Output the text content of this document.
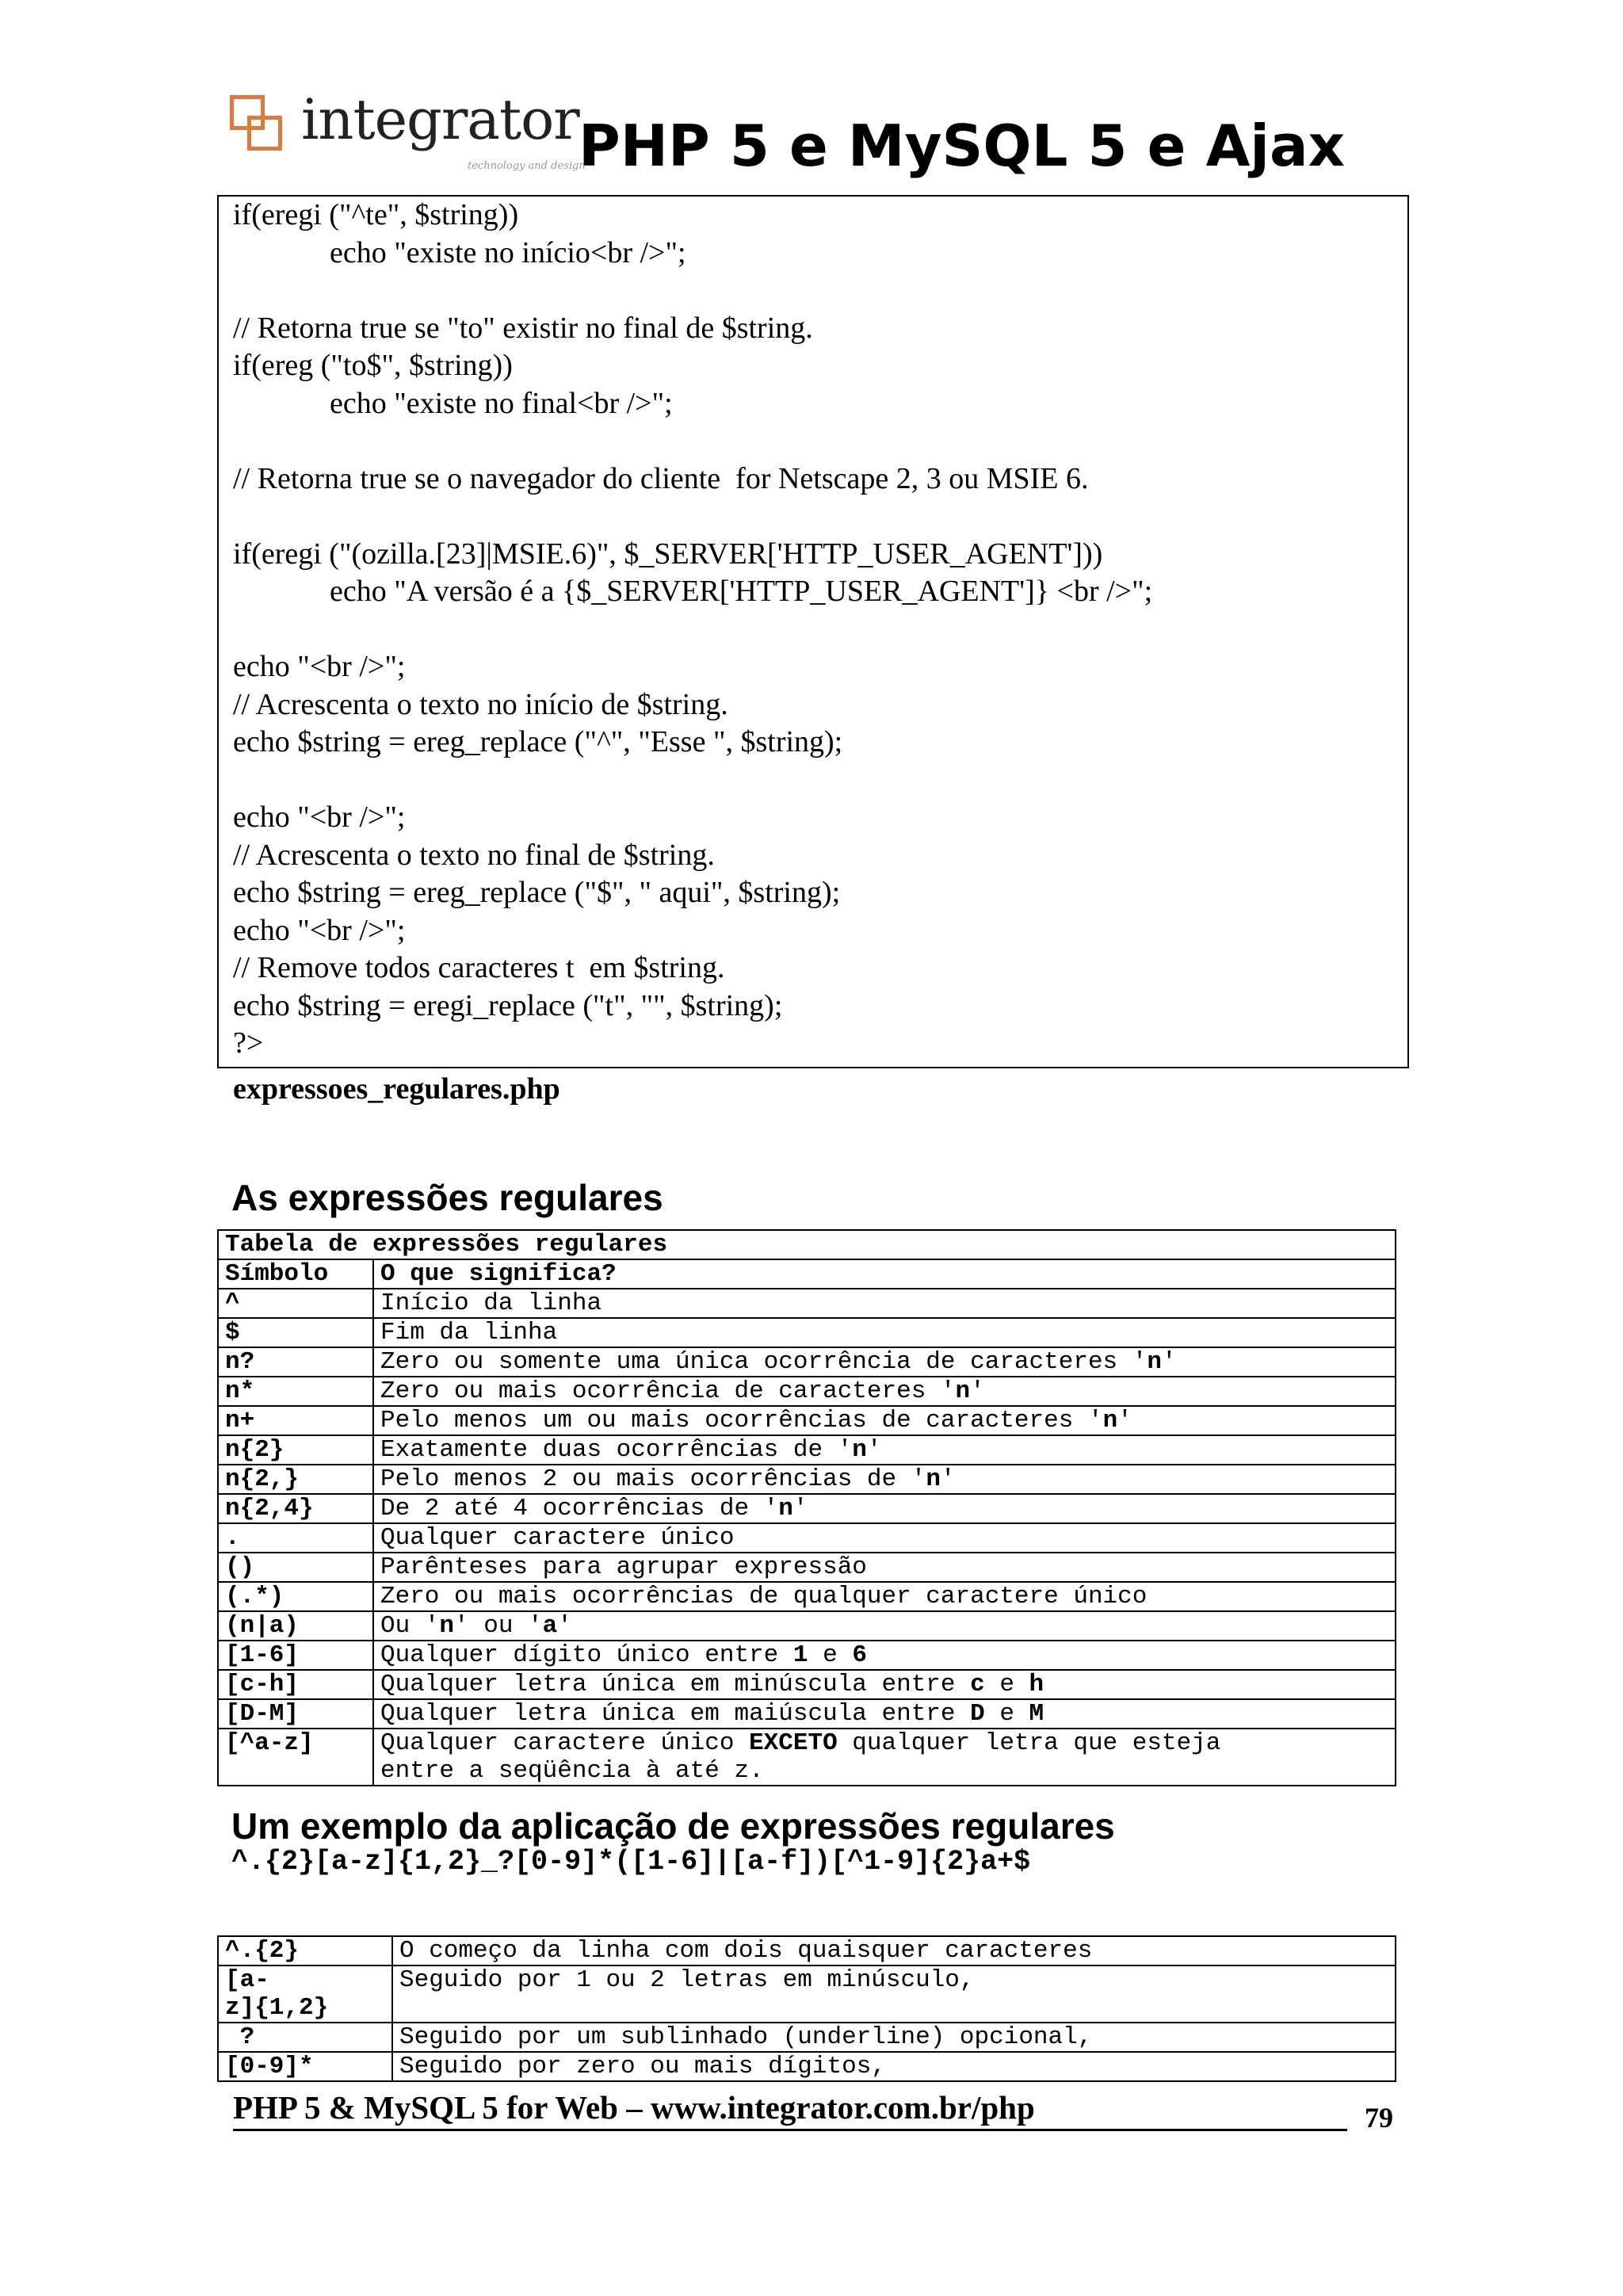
integrator
technology and design
PHP 5 e MySQL 5 e Ajax
if(eregi ("^te", $string))
echo "existe no início<br />";
// Retorna true se "to" existir no final de $string.
if(ereg ("to$", $string))
echo "existe no final<br />";
// Retorna true se o navegador do cliente  for Netscape 2, 3 ou MSIE 6.
if(eregi ("(ozilla.[23]|MSIE.6)", $_SERVER['HTTP_USER_AGENT']))
echo "A versão é a {$_SERVER['HTTP_USER_AGENT']} <br />";
echo "<br />";
// Acrescenta o texto no início de $string.
echo $string = ereg_replace ("^", "Esse ", $string);
echo "<br />";
// Acrescenta o texto no final de $string.
echo $string = ereg_replace ("$", " aqui", $string);
echo "<br />";
// Remove todos caracteres t  em $string.
echo $string = eregi_replace ("t", "", $string);
?>
expressoes_regulares.php
As expressões regulares
Tabela de expressões regulares	
Símbolo	O que significa?
^	Início da linha
$	Fim da linha
n?	Zero ou somente uma única ocorrência de caracteres 'n'
n*	Zero ou mais ocorrência de caracteres 'n'
n+	Pelo menos um ou mais ocorrências de caracteres 'n'
n{2}	Exatamente duas ocorrências de 'n'
n{2,}	Pelo menos 2 ou mais ocorrências de 'n'
n{2,4}	De 2 até 4 ocorrências de 'n'
.	Qualquer caractere único
()	Parênteses para agrupar expressão
(.*)	Zero ou mais ocorrências de qualquer caractere único
(n|a)	Ou 'n' ou 'a'
[1-6]	Qualquer dígito único entre 1 e 6
[c-h]	Qualquer letra única em minúscula entre c e h
[D-M]	Qualquer letra única em maiúscula entre D e M
[^a-z]	Qualquer caractere único EXCETO qualquer letra que esteja
entre a seqüência à até z.
Um exemplo da aplicação de expressões regulares
^.{2}[a-z]{1,2}_?[0-9]*([1-6]|[a-f])[^1-9]{2}a+$
^.{2}	O começo da linha com dois quaisquer caracteres
[a-
z]{1,2}	Seguido por 1 ou 2 letras em minúsculo,
?	Seguido por um sublinhado (underline) opcional,
[0-9]*	Seguido por zero ou mais dígitos,
PHP 5 & MySQL 5 for Web – www.integrator.com.br/php	79
